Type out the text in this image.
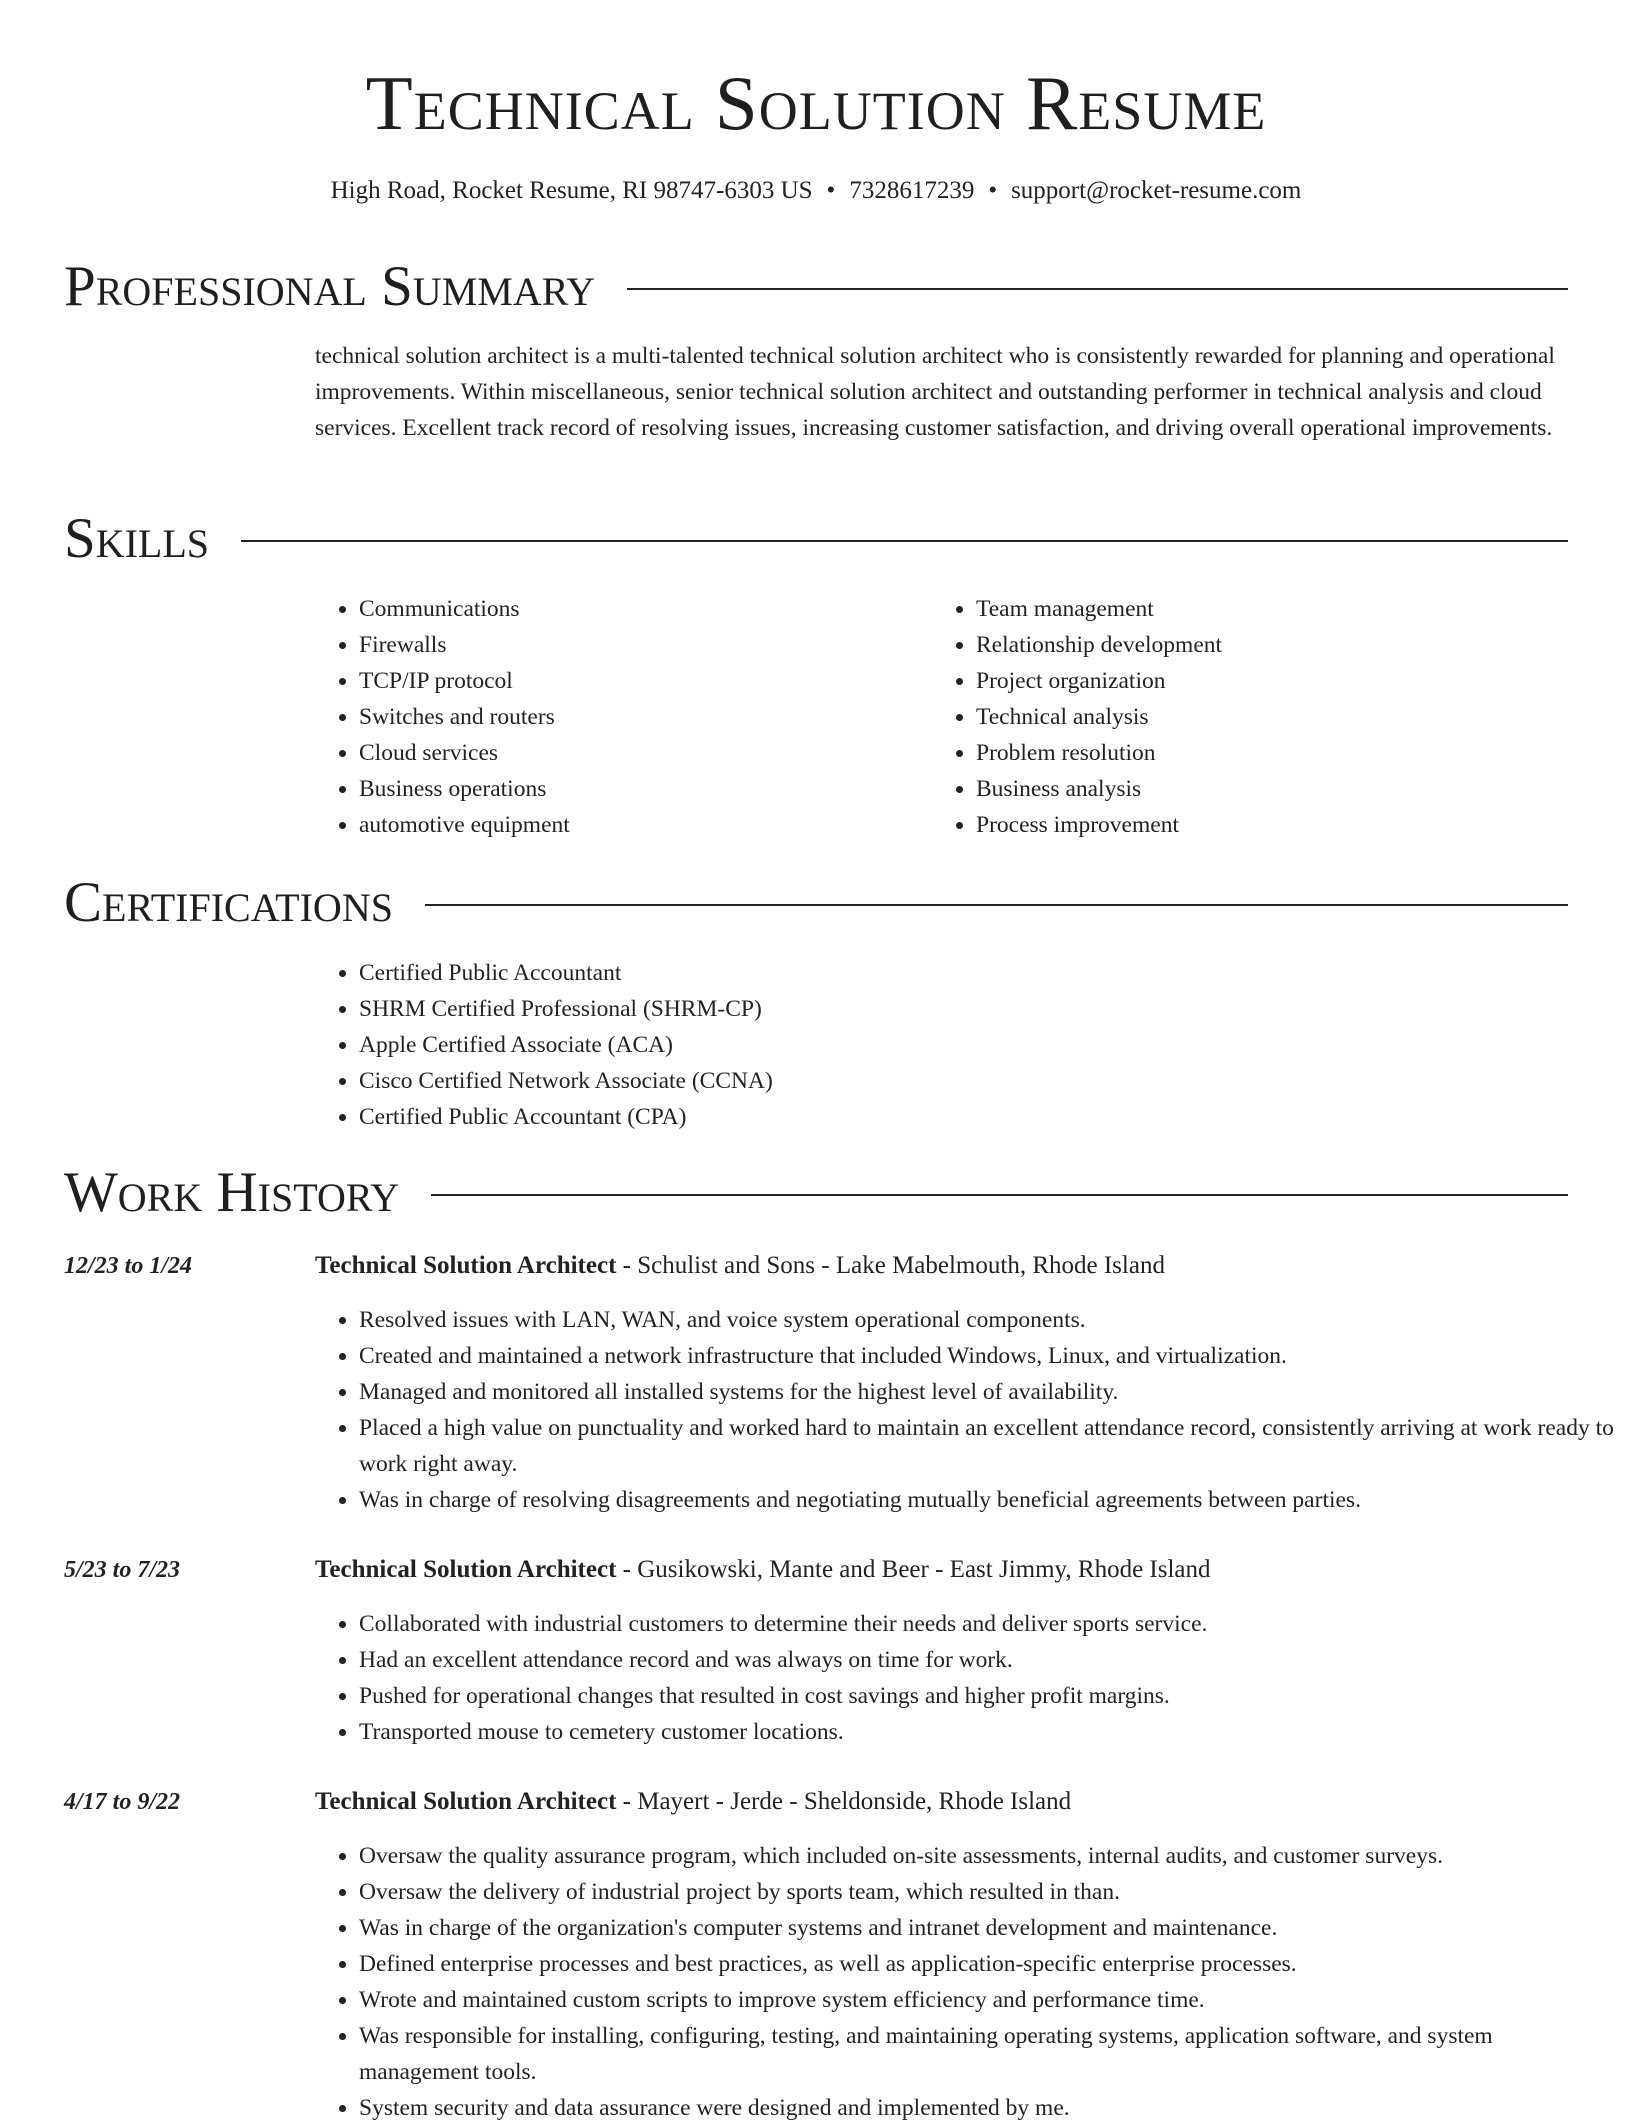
Technical Solution Resume
High Road, Rocket Resume, RI 98747-6303 US • 7328617239 • support@rocket-resume.com
Professional Summary

technical solution architect is a multi-talented technical solution architect who is consistently rewarded for planning and operational improvements. Within miscellaneous, senior technical solution architect and outstanding performer in technical analysis and cloud services. Excellent track record of resolving issues, increasing customer satisfaction, and driving overall operational improvements.

Skills
• Communications
• Firewalls
• TCP/IP protocol
• Switches and routers
• Cloud services
• Business operations
• automotive equipment
• Team management
• Relationship development
• Project organization
• Technical analysis
• Problem resolution
• Business analysis
• Process improvement
Certifications
• Certified Public Accountant
• SHRM Certified Professional (SHRM-CP)
• Apple Certified Associate (ACA)
• Cisco Certified Network Associate (CCNA)
• Certified Public Accountant (CPA)
Work History
12/23 to 1/24	Technical Solution Architect - Schulist and Sons - Lake Mabelmouth, Rhode Island
• Resolved issues with LAN, WAN, and voice system operational components.
• Created and maintained a network infrastructure that included Windows, Linux, and virtualization.
• Managed and monitored all installed systems for the highest level of availability.
• Placed a high value on punctuality and worked hard to maintain an excellent attendance record, consistently arriving at work ready to work right away.
• Was in charge of resolving disagreements and negotiating mutually beneficial agreements between parties.
5/23 to 7/23	Technical Solution Architect - Gusikowski, Mante and Beer - East Jimmy, Rhode Island
• Collaborated with industrial customers to determine their needs and deliver sports service.
• Had an excellent attendance record and was always on time for work.
• Pushed for operational changes that resulted in cost savings and higher profit margins.
• Transported mouse to cemetery customer locations.
4/17 to 9/22	Technical Solution Architect - Mayert - Jerde - Sheldonside, Rhode Island
• Oversaw the quality assurance program, which included on-site assessments, internal audits, and customer surveys.
• Oversaw the delivery of industrial project by sports team, which resulted in than.
• Was in charge of the organization's computer systems and intranet development and maintenance.
• Defined enterprise processes and best practices, as well as application-specific enterprise processes.
• Wrote and maintained custom scripts to improve system efficiency and performance time.
• Was responsible for installing, configuring, testing, and maintaining operating systems, application software, and system management tools.
• System security and data assurance were designed and implemented by me.
